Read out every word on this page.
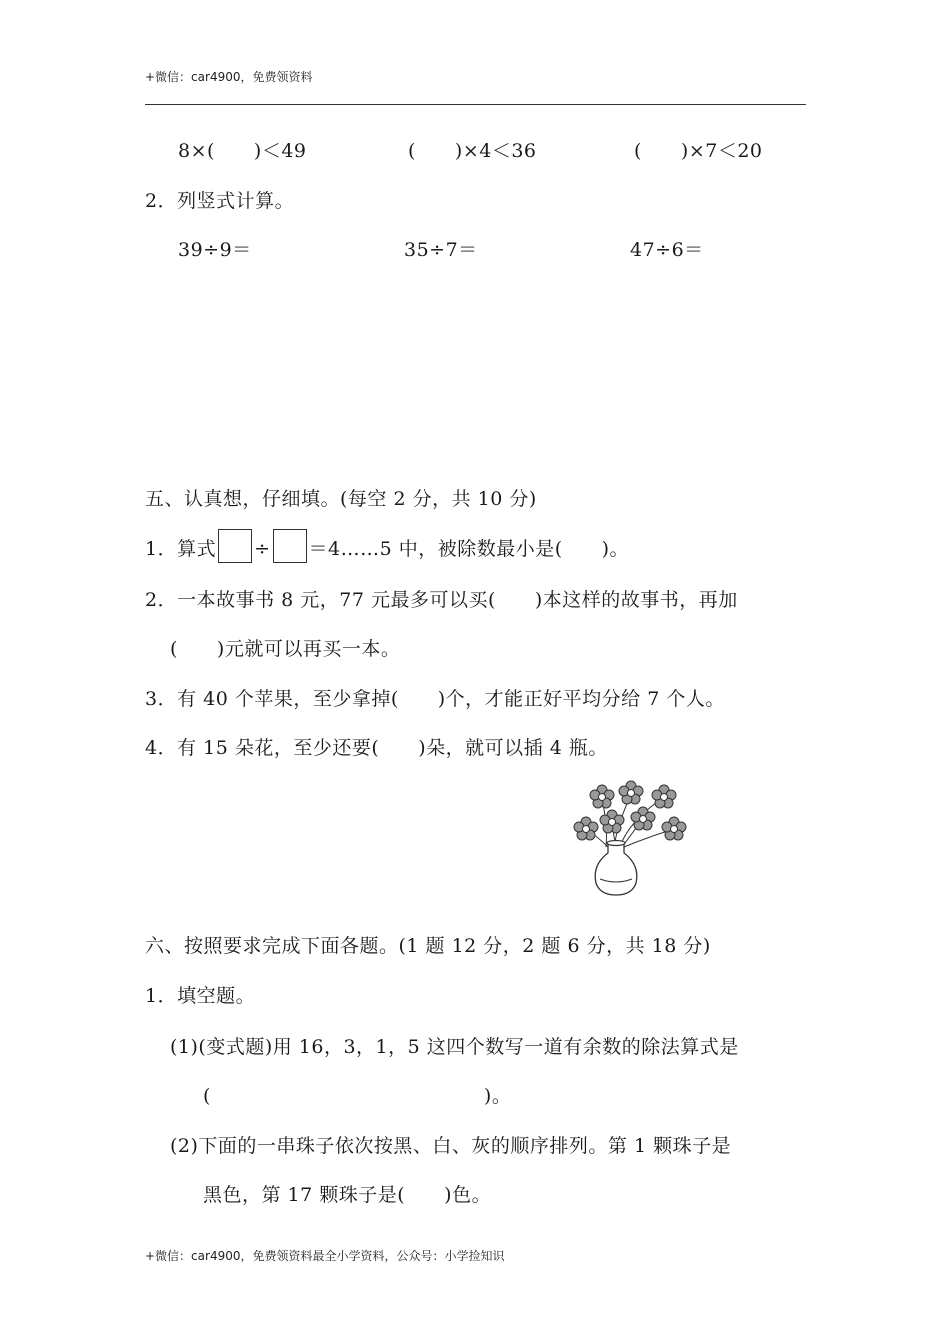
+微信：car4900，免费领资料
8×(　　)＜49	(　　)×4＜36	(　　)×7＜20
2．列竖式计算。
39÷9＝	35÷7＝	47÷6＝
五、认真想，仔细填。(每空 2 分，共 10 分)
1．算式 ÷ ＝4……5 中，被除数最小是(　　)。
2．一本故事书 8 元，77 元最多可以买(　　)本这样的故事书，再加
(　　)元就可以再买一本。
3．有 40 个苹果，至少拿掉(　　)个，才能正好平均分给 7 个人。
4．有 15 朵花，至少还要(　　)朵，就可以插 4 瓶。
六、按照要求完成下面各题。(1 题 12 分，2 题 6 分，共 18 分)
1．填空题。
(1)(变式题)用 16，3，1，5 这四个数写一道有余数的除法算式是
(　　　　　　　　　　　　　　)。
(2)下面的一串珠子依次按黑、白、灰的顺序排列。第 1 颗珠子是
黑色，第 17 颗珠子是(　　)色。
+微信：car4900，免费领资料最全小学资料，公众号：小学捡知识
